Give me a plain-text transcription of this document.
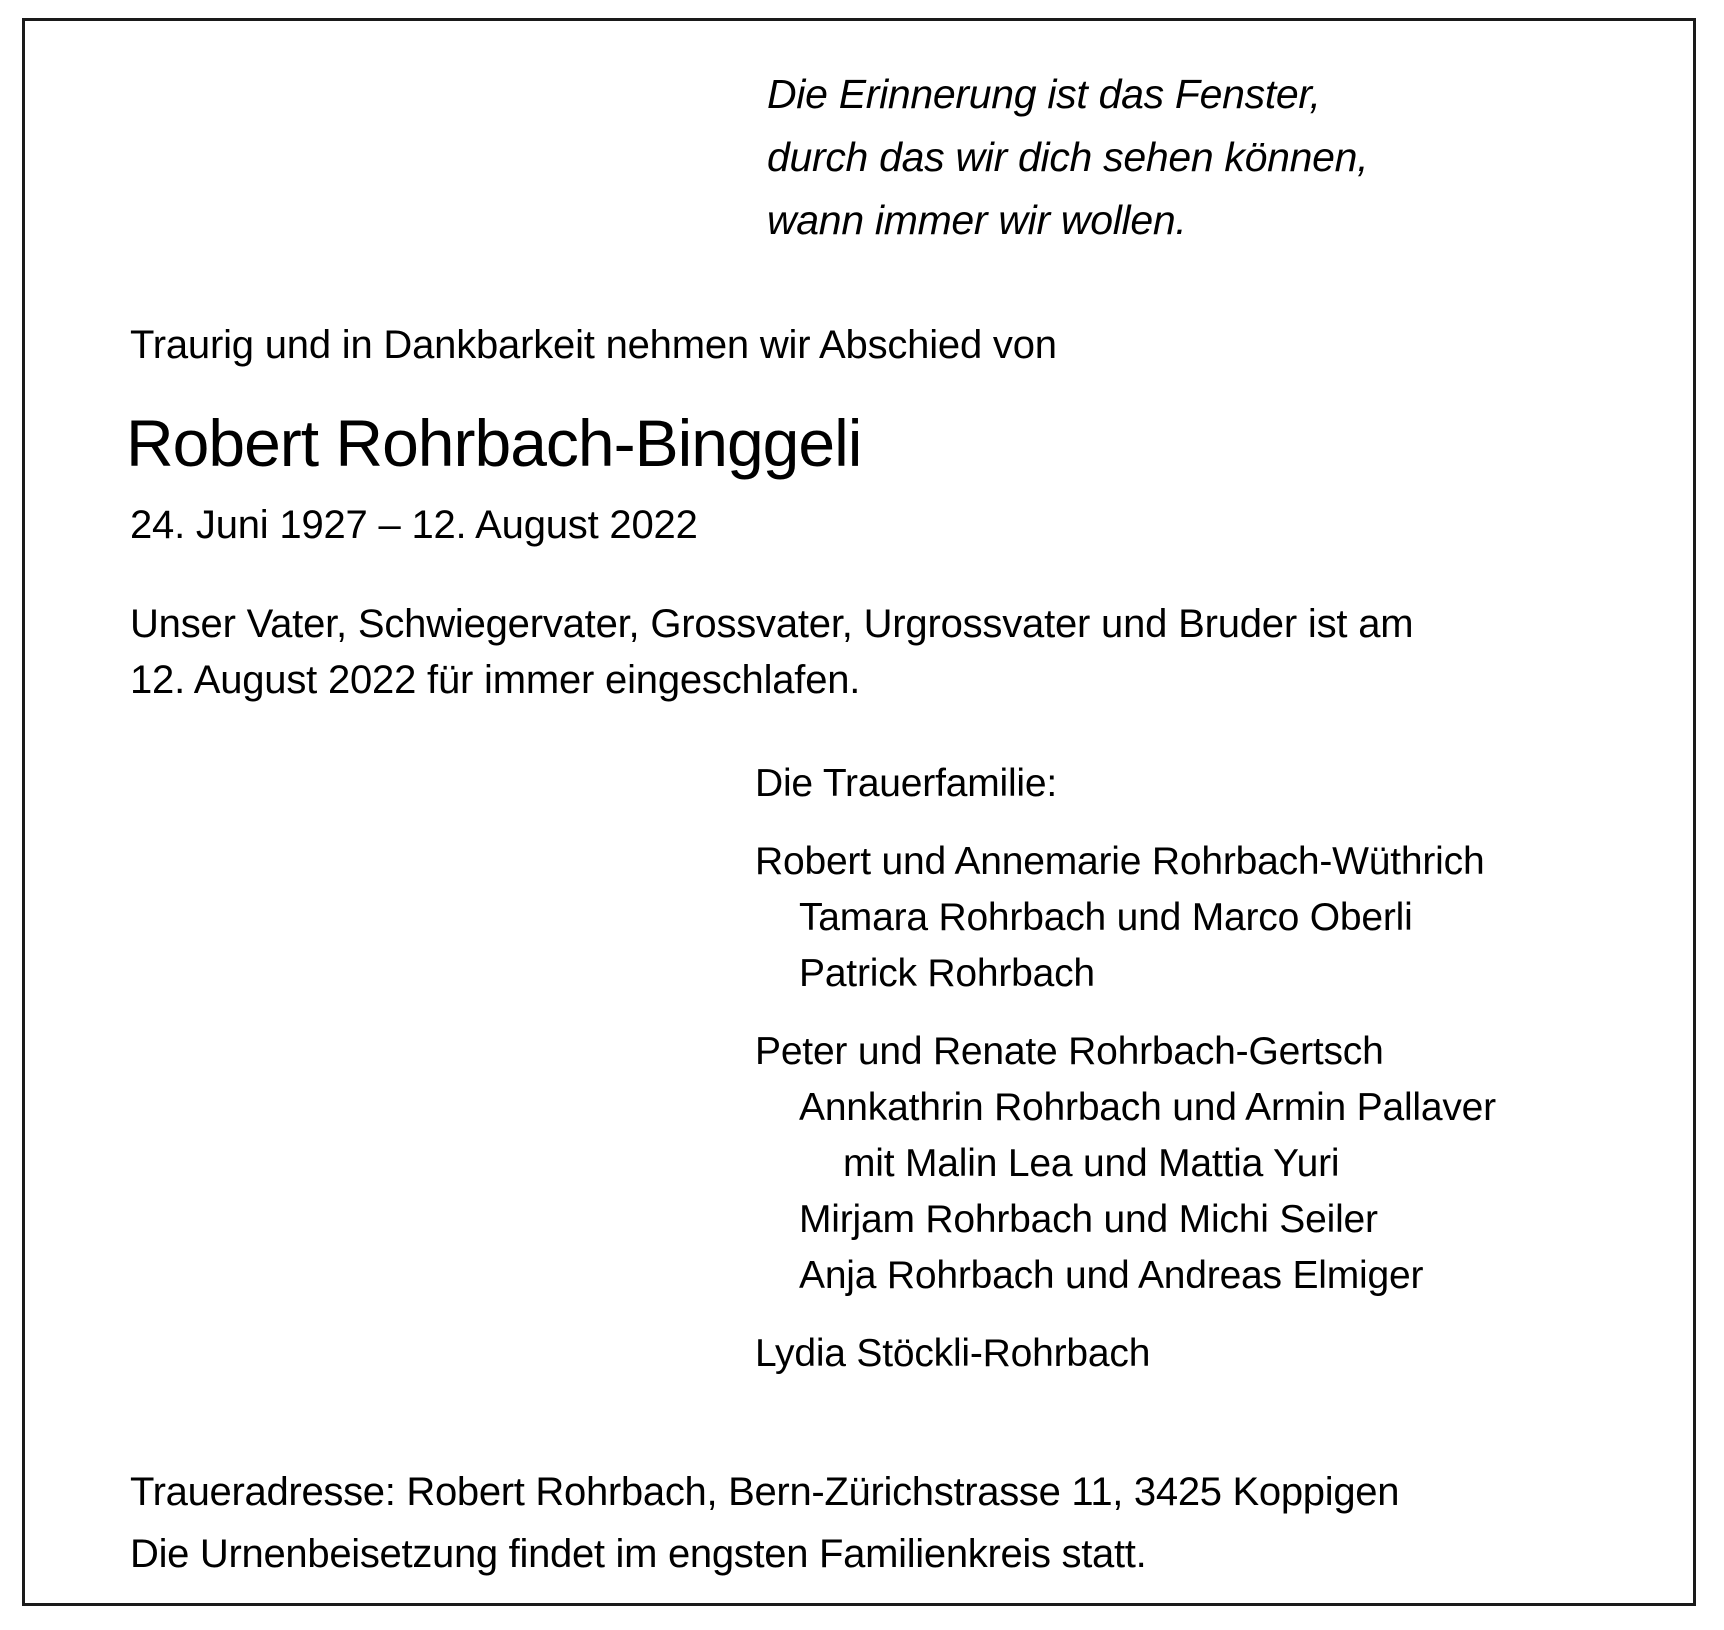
Die Erinnerung ist das Fenster,
durch das wir dich sehen können,
wann immer wir wollen.
Traurig und in Dankbarkeit nehmen wir Abschied von
Robert Rohrbach-Binggeli
24. Juni 1927 – 12. August 2022
Unser Vater, Schwiegervater, Grossvater, Urgrossvater und Bruder ist am
12. August 2022 für immer eingeschlafen.
Die Trauerfamilie:
Robert und Annemarie Rohrbach-Wüthrich
Tamara Rohrbach und Marco Oberli
Patrick Rohrbach
Peter und Renate Rohrbach-Gertsch
Annkathrin Rohrbach und Armin Pallaver
mit Malin Lea und Mattia Yuri
Mirjam Rohrbach und Michi Seiler
Anja Rohrbach und Andreas Elmiger
Lydia Stöckli-Rohrbach
Traueradresse: Robert Rohrbach, Bern-Zürichstrasse 11, 3425 Koppigen
Die Urnenbeisetzung findet im engsten Familienkreis statt.
